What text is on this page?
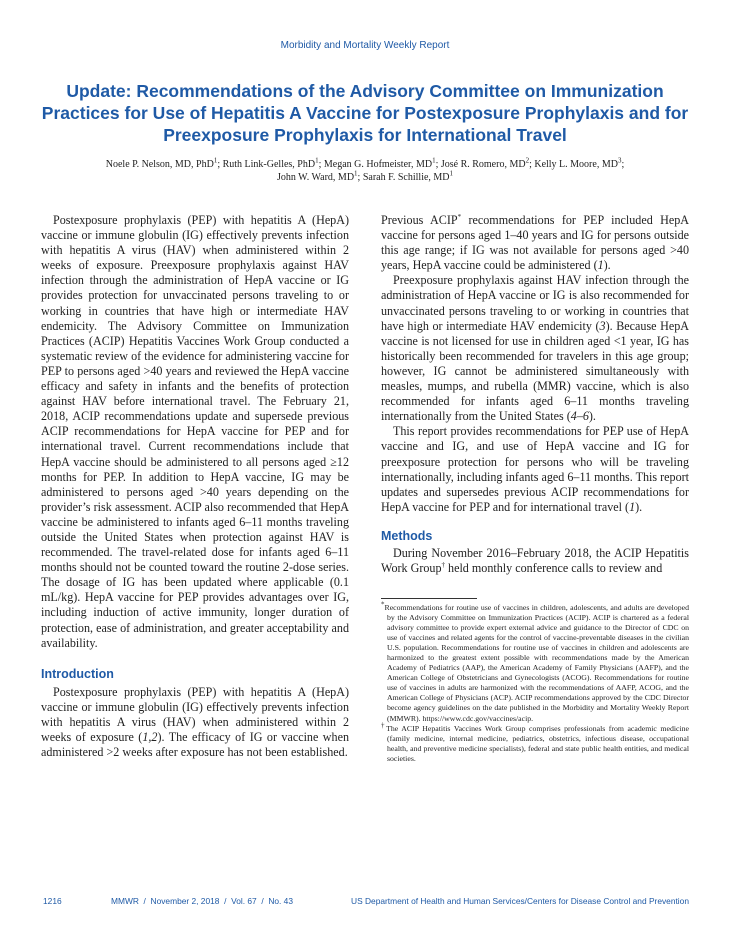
Morbidity and Mortality Weekly Report
Update: Recommendations of the Advisory Committee on Immunization Practices for Use of Hepatitis A Vaccine for Postexposure Prophylaxis and for Preexposure Prophylaxis for International Travel
Noele P. Nelson, MD, PhD$^1$; Ruth Link-Gelles, PhD$^1$; Megan G. Hofmeister, $MD^1$; José R. Romero, $MD^2$; Kelly L. Moore, $MD^3$;
John W. Ward, $MD^1$; Sarah F. Schillie, $MD^1$

Postexposure prophylaxis (PEP) with hepatitis A (HepA) vaccine or immune globulin (IG) effectively prevents infection with hepatitis A virus (HAV) when administered within 2 weeks of exposure. Preexposure prophylaxis against HAV infection through the administration of HepA vaccine or IG provides protection for unvaccinated persons traveling to or working in countries that have high or intermediate HAV endemicity. The Advisory Committee on Immunization Practices (ACIP) Hepatitis Vaccines Work Group conducted a systematic review of the evidence for administering vaccine for PEP to persons aged >40 years and reviewed the HepA vaccine efficacy and safety in infants and the benefits of protection against HAV before international travel. The February 21, 2018, ACIP recommendations update and supersede previous ACIP recommendations for HepA vaccine for PEP and for international travel. Current recommendations include that HepA vaccine should be administered to all persons aged ≥12 months for PEP. In addition to HepA vaccine, IG may be administered to persons aged >40 years depending on the provider’s risk assessment. ACIP also recommended that HepA vaccine be administered to infants aged 6–11 months traveling outside the United States when protection against HAV is recommended. The travel-related dose for infants aged 6–11 months should not be counted toward the routine 2-dose series. The dosage of IG has been updated where applicable (0.1 mL/kg). HepA vaccine for PEP provides advantages over IG, including induction of active immunity, longer duration of protection, ease of administration, and greater acceptability and availability.

Introduction

Postexposure prophylaxis (PEP) with hepatitis A (HepA) vaccine or immune globulin (IG) effectively prevents infection with hepatitis A virus (HAV) when administered within 2 weeks of exposure (1,2). The efficacy of IG or vaccine when administered >2 weeks after exposure has not been established.

Previous ACIP* recommendations for PEP included HepA vaccine for persons aged 1–40 years and IG for persons outside this age range; if IG was not available for persons aged >40 years, HepA vaccine could be administered (1).

Preexposure prophylaxis against HAV infection through the administration of HepA vaccine or IG is also recommended for unvaccinated persons traveling to or working in countries that have high or intermediate HAV endemicity (3). Because HepA vaccine is not licensed for use in children aged <1 year, IG has historically been recommended for travelers in this age group; however, IG cannot be administered simultaneously with measles, mumps, and rubella (MMR) vaccine, which is also recommended for infants aged 6–11 months traveling internationally from the United States (4–6).

This report provides recommendations for PEP use of HepA vaccine and IG, and use of HepA vaccine and IG for preexposure protection for persons who will be traveling internationally, including infants aged 6–11 months. This report updates and supersedes previous ACIP recommendations for HepA vaccine for PEP and for international travel (1).

Methods

During November 2016–February 2018, the ACIP Hepatitis Work Group† held monthly conference calls to review and

*Recommendations for routine use of vaccines in children, adolescents, and adults are developed by the Advisory Committee on Immunization Practices (ACIP). ACIP is chartered as a federal advisory committee to provide expert external advice and guidance to the Director of CDC on use of vaccines and related agents for the control of vaccine-preventable diseases in the civilian U.S. population. Recommendations for routine use of vaccines in children and adolescents are harmonized to the greatest extent possible with recommendations made by the American Academy of Pediatrics (AAP), the American Academy of Family Physicians (AAFP), and the American College of Obstetricians and Gynecologists (ACOG). Recommendations for routine use of vaccines in adults are harmonized with the recommendations of AAFP, ACOG, and the American College of Physicians (ACP). ACIP recommendations approved by the CDC Director become agency guidelines on the date published in the Morbidity and Mortality Weekly Report (MMWR). https://www.cdc.gov/vaccines/acip.

†The ACIP Hepatitis Vaccines Work Group comprises professionals from academic medicine (family medicine, internal medicine, pediatrics, obstetrics, infectious disease, occupational health, and preventive medicine specialists), federal and state public health entities, and medical societies.

1216	MMWR  /  November 2, 2018  /  Vol. 67  /  No. 43	US Department of Health and Human Services/Centers for Disease Control and Prevention
